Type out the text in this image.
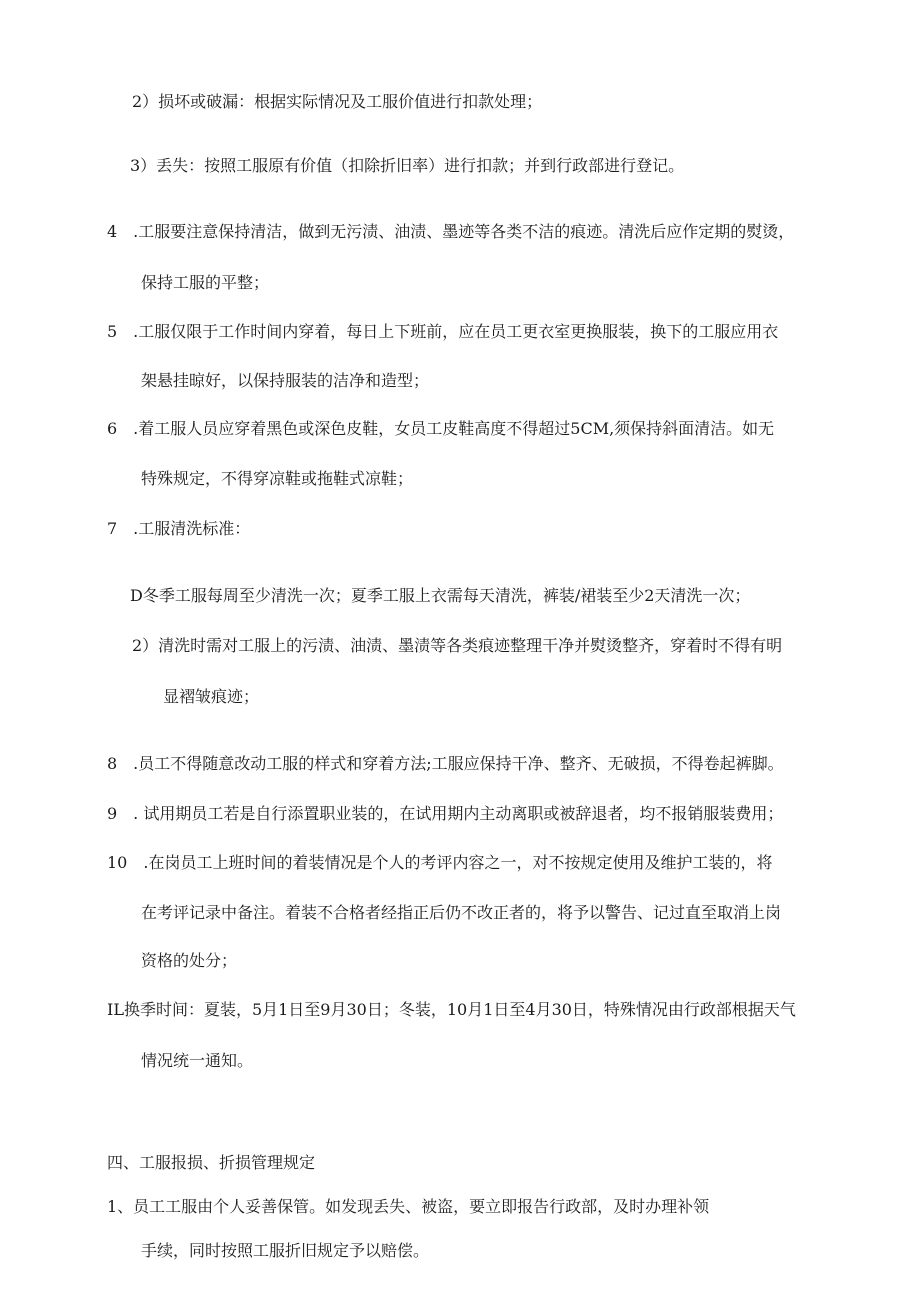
2）损坏或破漏：根据实际情况及工服价值进行扣款处理；
3）丢失：按照工服原有价值（扣除折旧率）进行扣款；并到行政部进行登记。
4　.工服要注意保持清洁，做到无污渍、油渍、墨迹等各类不洁的痕迹。清洗后应作定期的熨烫，
保持工服的平整；
5　.工服仅限于工作时间内穿着，每日上下班前，应在员工更衣室更换服装，换下的工服应用衣
架悬挂晾好，以保持服装的洁净和造型；
6　.着工服人员应穿着黑色或深色皮鞋，女员工皮鞋高度不得超过5CM,须保持斜面清洁。如无
特殊规定，不得穿凉鞋或拖鞋式凉鞋；
7　.工服清洗标准：
D冬季工服每周至少清洗一次；夏季工服上衣需每天清洗，裤装/裙装至少2天清洗一次；
2）清洗时需对工服上的污渍、油渍、墨渍等各类痕迹整理干净并熨烫整齐，穿着时不得有明
显褶皱痕迹；
8　.员工不得随意改动工服的样式和穿着方法;工服应保持干净、整齐、无破损，不得卷起裤脚。
9　. 试用期员工若是自行添置职业装的，在试用期内主动离职或被辞退者，均不报销服装费用；
10　.在岗员工上班时间的着装情况是个人的考评内容之一，对不按规定使用及维护工装的，将
在考评记录中备注。着装不合格者经指正后仍不改正者的，将予以警告、记过直至取消上岗
资格的处分；
IL换季时间：夏装，5月1日至9月30日；冬装，10月1日至4月30日，特殊情况由行政部根据天气
情况统一通知。
四、工服报损、折损管理规定
1、员工工服由个人妥善保管。如发现丢失、被盗，要立即报告行政部，及时办理补领
手续，同时按照工服折旧规定予以赔偿。
